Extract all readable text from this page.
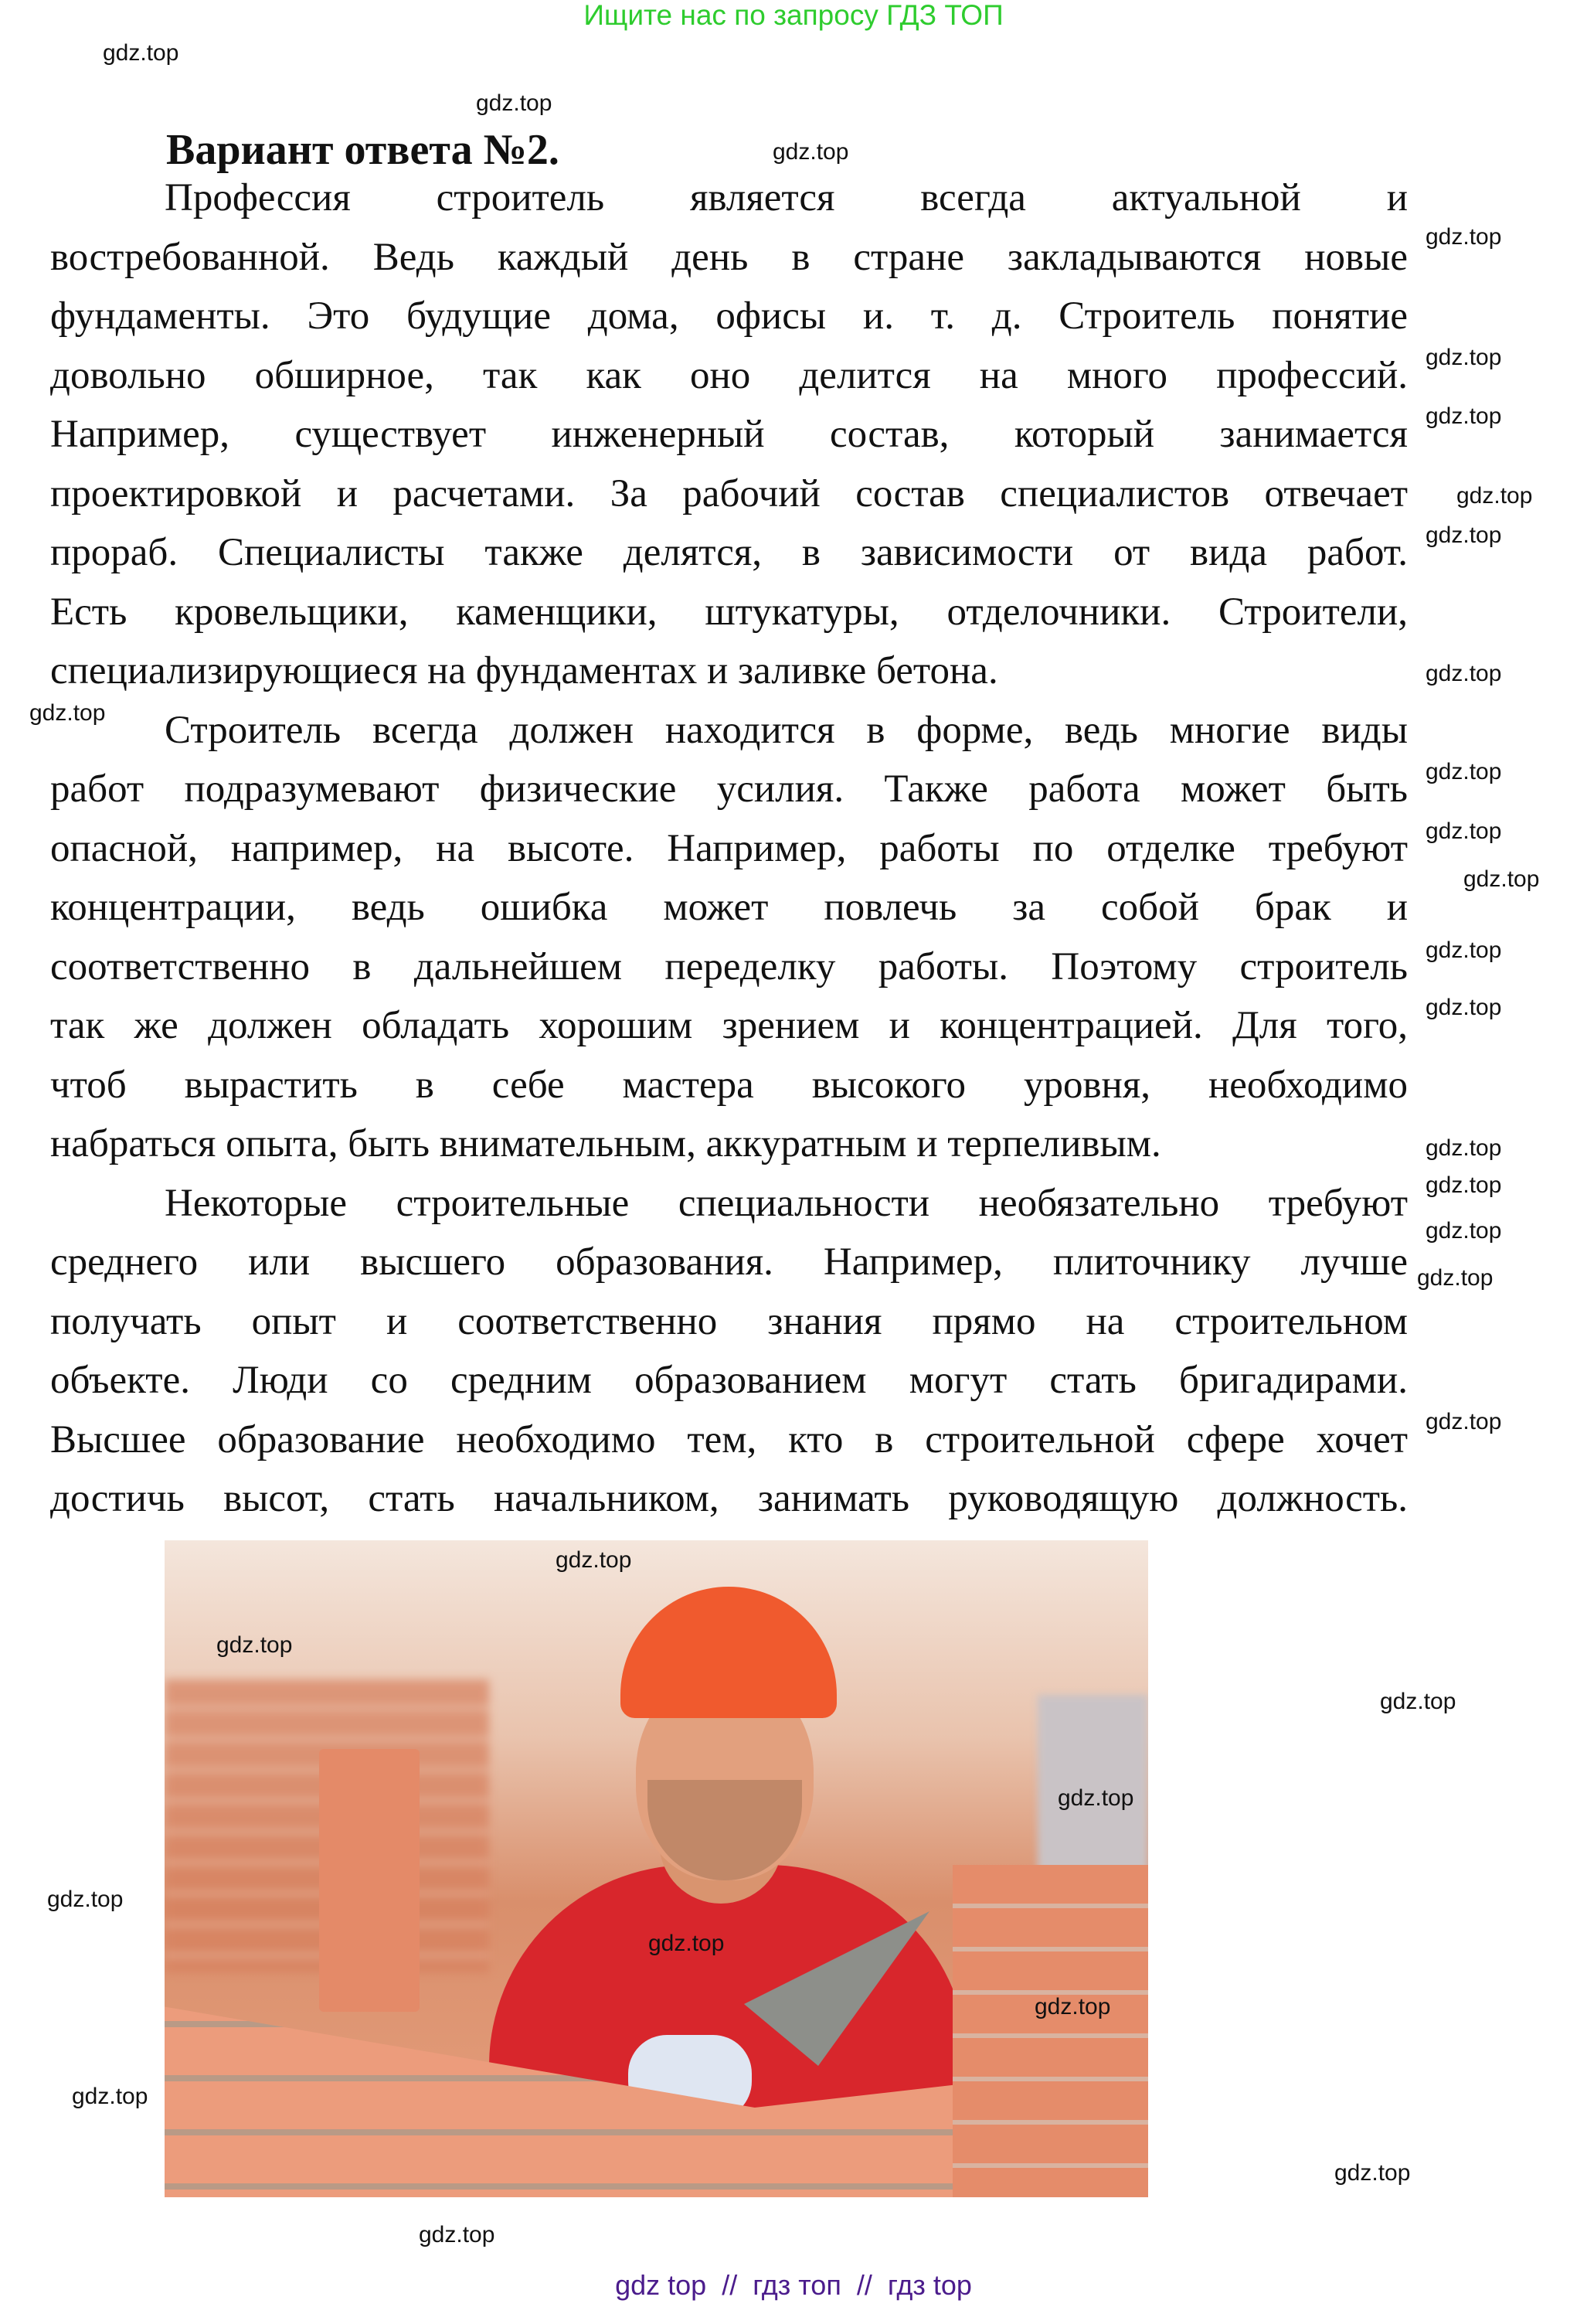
Ищите нас по запросу ГДЗ ТОП
Вариант ответа №2.
Профессия строитель является всегда актуальной и
востребованной. Ведь каждый день в стране закладываются новые
фундаменты. Это будущие дома, офисы и. т. д. Строитель понятие
довольно обширное, так как оно делится на много профессий.
Например, существует инженерный состав, который занимается
проектировкой и расчетами. За рабочий состав специалистов отвечает
прораб. Специалисты также делятся, в зависимости от вида работ.
Есть кровельщики, каменщики, штукатуры, отделочники. Строители,
специализирующиеся на фундаментах и заливке бетона.
Строитель всегда должен находится в форме, ведь многие виды
работ подразумевают физические усилия. Также работа может быть
опасной, например, на высоте. Например, работы по отделке требуют
концентрации, ведь ошибка может повлечь за собой брак и
соответственно в дальнейшем переделку работы. Поэтому строитель
так же должен обладать хорошим зрением и концентрацией. Для того,
чтоб вырастить в себе мастера высокого уровня, необходимо
набраться опыта, быть внимательным, аккуратным и терпеливым.
Некоторые строительные специальности необязательно требуют
среднего или высшего образования. Например, плиточнику лучше
получать опыт и соответственно знания прямо на строительном
объекте. Люди со средним образованием могут стать бригадирами.
Высшее образование необходимо тем, кто в строительной сфере хочет
достичь высот, стать начальником, занимать руководящую должность.
gdz.top
gdz.top
gdz.top
gdz.top
gdz.top
gdz.top
gdz.top
gdz.top
gdz.top
gdz.top
gdz.top
gdz.top
gdz.top
gdz.top
gdz.top
gdz.top
gdz.top
gdz.top
gdz.top
gdz.top
gdz.top
gdz.top
gdz.top
gdz.top
gdz.top
gdz.top
gdz.top
gdz.top
gdz.top
gdz.top
gdz top  //  гдз топ  //  гдз top
